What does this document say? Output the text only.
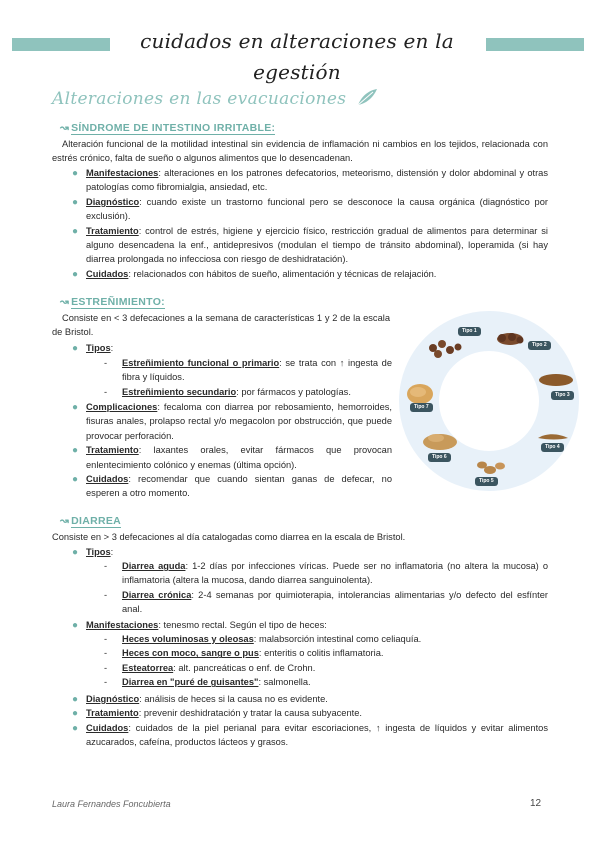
cuidados en alteraciones en la egestión
Alteraciones en las evacuaciones
↝ SÍNDROME DE INTESTINO IRRITABLE:
Alteración funcional de la motilidad intestinal sin evidencia de inflamación ni cambios en los tejidos, relacionada con estrés crónico, falta de sueño o algunos alimentos que lo desencadenan.
● Manifestaciones: alteraciones en los patrones defecatorios, meteorismo, distensión y dolor abdominal y otras patologías como fibromialgia, ansiedad, etc.
● Diagnóstico: cuando existe un trastorno funcional pero se desconoce la causa orgánica (diagnóstico por exclusión).
● Tratamiento: control de estrés, higiene y ejercicio físico, restricción gradual de alimentos para determinar si alguno desencadena la enf., antidepresivos (modulan el tiempo de tránsito abdominal), loperamida (si hay diarrea prolongada no infecciosa con riesgo de deshidratación).
● Cuidados: relacionados con hábitos de sueño, alimentación y técnicas de relajación.
↝ ESTREÑIMIENTO:
Consiste en < 3 defecaciones a la semana de características 1 y 2 de la escala de Bristol.
● Tipos:
- Estreñimiento funcional o primario: se trata con ↑ ingesta de fibra y líquidos.
- Estreñimiento secundario: por fármacos y patologías.
● Complicaciones: fecaloma con diarrea por rebosamiento, hemorroides, fisuras anales, prolapso rectal y/o megacolon por obstrucción, que puede provocar perforación.
● Tratamiento: laxantes orales, evitar fármacos que provocan enlentecimiento colónico y enemas (última opción).
● Cuidados: recomendar que cuando sientan ganas de defecar, no esperen a otro momento.
Tipo 1
Tipo 2
Tipo 3
Tipo 4
Tipo 5
Tipo 6
Tipo 7
↝ DIARREA
Consiste en > 3 defecaciones al día catalogadas como diarrea en la escala de Bristol.
● Tipos:
- Diarrea aguda: 1-2 días por infecciones víricas. Puede ser no inflamatoria (no altera la mucosa) o inflamatoria (altera la mucosa, dando diarrea sanguinolenta).
- Diarrea crónica: 2-4 semanas por quimioterapia, intolerancias alimentarias y/o defecto del esfínter anal.
● Manifestaciones: tenesmo rectal. Según el tipo de heces:
- Heces voluminosas y oleosas: malabsorción intestinal como celiaquía.
- Heces con moco, sangre o pus: enteritis o colitis inflamatoria.
- Esteatorrea: alt. pancreáticas o enf. de Crohn.
- Diarrea en "puré de guisantes": salmonella.
● Diagnóstico: análisis de heces si la causa no es evidente.
● Tratamiento: prevenir deshidratación y tratar la causa subyacente.
● Cuidados: cuidados de la piel perianal para evitar escoriaciones, ↑ ingesta de líquidos y evitar alimentos azucarados, cafeína, productos lácteos y grasos.
Laura Fernandes Foncubierta	12
